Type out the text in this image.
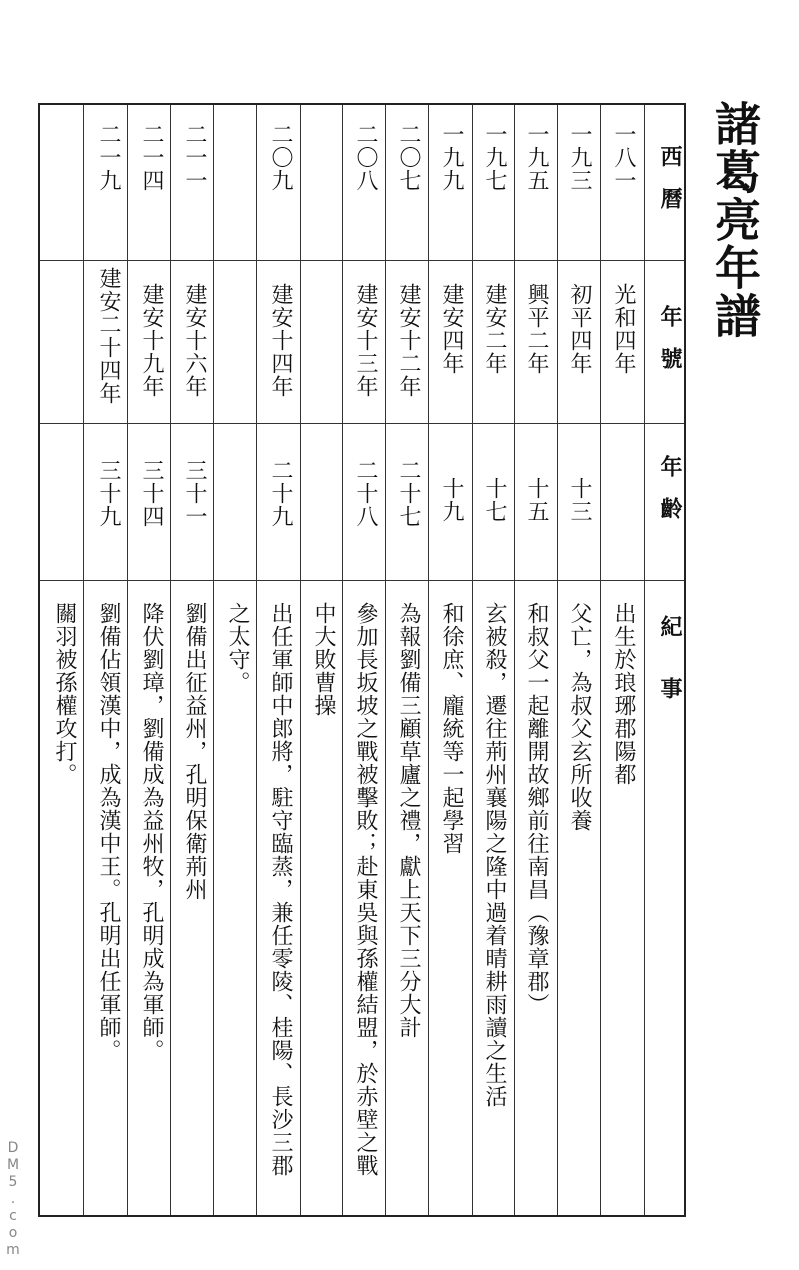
諸葛亮年譜
西曆
年號
年齡
紀事
一八一
光和四年
出生於琅琊郡陽都
一九三
初平四年
十三
父亡，為叔父玄所收養
一九五
興平二年
十五
和叔父一起離開故鄉前往南昌（豫章郡）
一九七
建安二年
十七
玄被殺，遷往荊州襄陽之隆中過着晴耕雨讀之生活
一九九
建安四年
十九
和徐庶、龐統等一起學習
二〇七
建安十二年
二十七
為報劉備三顧草廬之禮，獻上天下三分大計
二〇八
建安十三年
二十八
參加長坂坡之戰被擊敗；赴東吳與孫權結盟，於赤壁之戰
中大敗曹操
二〇九
建安十四年
二十九
出任軍師中郎將，駐守臨蒸，兼任零陵、桂陽、長沙三郡
之太守。
二一一
建安十六年
三十一
劉備出征益州，孔明保衛荊州
二一四
建安十九年
三十四
降伏劉璋，劉備成為益州牧，孔明成為軍師。
二一九
建安二十四年
三十九
劉備佔領漢中，成為漢中王。孔明出任軍師。
關羽被孫權攻打。
DM5.com
